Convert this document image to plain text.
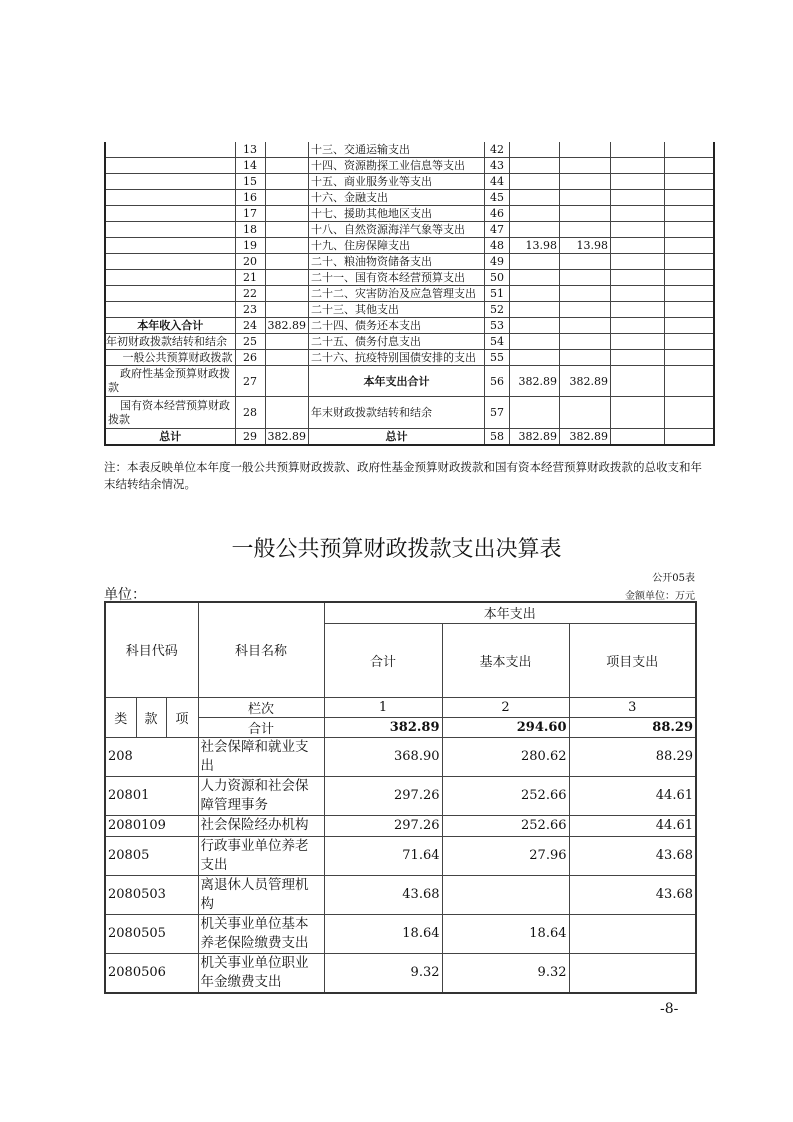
	13		十三、交通运输支出	42				
	14		十四、资源勘探工业信息等支出	43				
	15		十五、商业服务业等支出	44				
	16		十六、金融支出	45				
	17		十七、援助其他地区支出	46				
	18		十八、自然资源海洋气象等支出	47				
	19		十九、住房保障支出	48	13.98	13.98		
	20		二十、粮油物资储备支出	49				
	21		二十一、国有资本经营预算支出	50				
	22		二十二、灾害防治及应急管理支出	51				
	23		二十三、其他支出	52				
本年收入合计	24	382.89	二十四、债务还本支出	53				
年初财政拨款结转和结余	25		二十五、债务付息支出	54				
一般公共预算财政拨款	26		二十六、抗疫特别国债安排的支出	55				
政府性基金预算财政拨款	27		本年支出合计	56	382.89	382.89		
国有资本经营预算财政拨款	28		年末财政拨款结转和结余	57				
总计	29	382.89	总计	58	382.89	382.89		
注：本表反映单位本年度一般公共预算财政拨款、政府性基金预算财政拨款和国有资本经营预算财政拨款的总收支和年末结转结余情况。
一般公共预算财政拨款支出决算表
公开05表
单位：	金额单位：万元
科目代码			科目名称	本年支出		
				合计	基本支出	项目支出
类	款	项	栏次	1	2	3
			合计	382.89	294.60	88.29
208			社会保障和就业支出	368.90	280.62	88.29
20801			人力资源和社会保障管理事务	297.26	252.66	44.61
2080109			社会保险经办机构	297.26	252.66	44.61
20805			行政事业单位养老支出	71.64	27.96	43.68
2080503			离退休人员管理机构	43.68		43.68
2080505			机关事业单位基本养老保险缴费支出	18.64	18.64	
2080506			机关事业单位职业年金缴费支出	9.32	9.32	
-8-
